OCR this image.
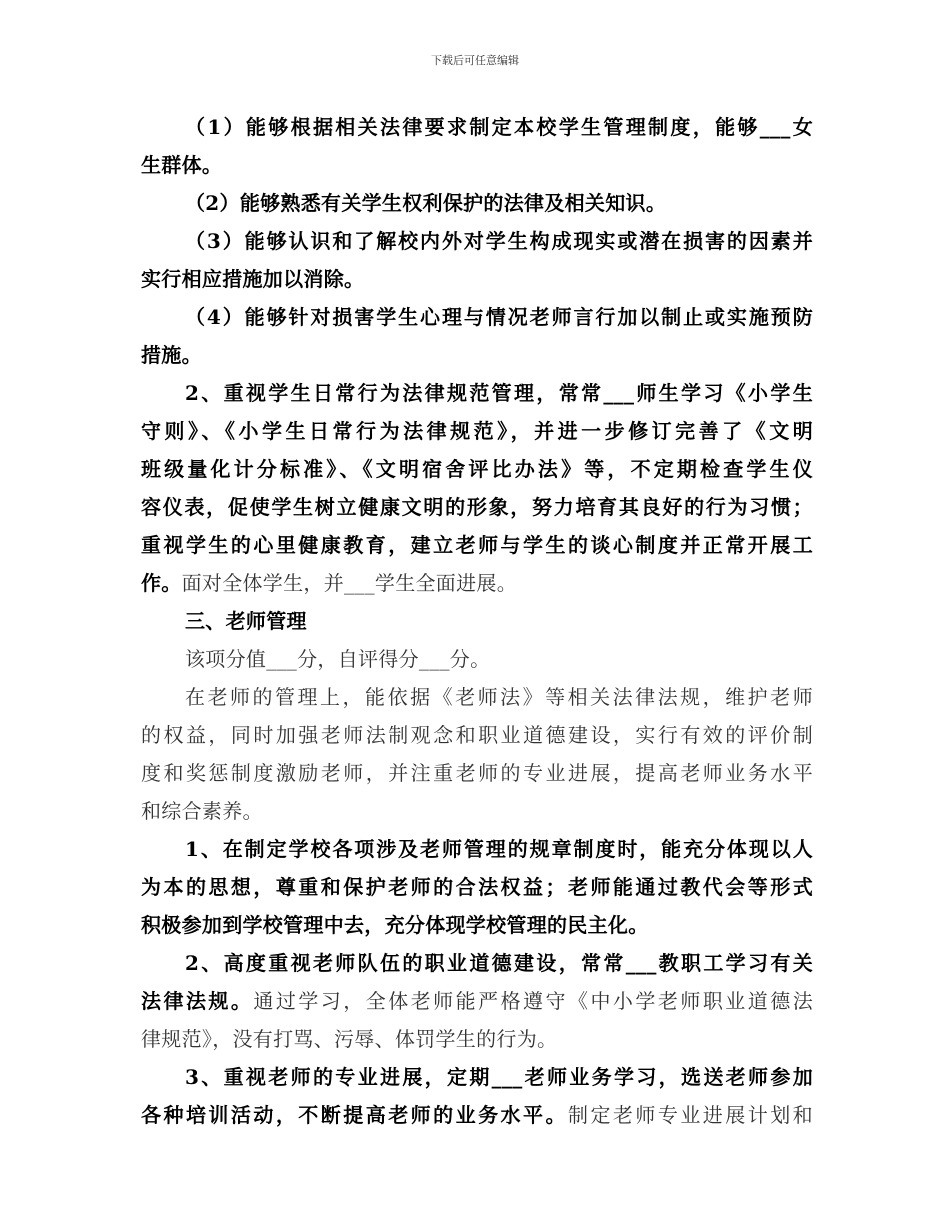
下载后可任意编辑

（1）能够根据相关法律要求制定本校学生管理制度，能够___女

生群体。

（2）能够熟悉有关学生权利保护的法律及相关知识。

（3）能够认识和了解校内外对学生构成现实或潜在损害的因素并

实行相应措施加以消除。

（4）能够针对损害学生心理与情况老师言行加以制止或实施预防

措施。

2、重视学生日常行为法律规范管理，常常___师生学习《小学生

守则》、《小学生日常行为法律规范》，并进一步修订完善了《文明

班级量化计分标准》、《文明宿舍评比办法》等，不定期检查学生仪

容仪表，促使学生树立健康文明的形象，努力培育其良好的行为习惯；

重视学生的心里健康教育，建立老师与学生的谈心制度并正常开展工

作。面对全体学生，并___学生全面进展。

三、老师管理

该项分值___分，自评得分___分。

在老师的管理上，能依据《老师法》等相关法律法规，维护老师

的权益，同时加强老师法制观念和职业道德建设，实行有效的评价制

度和奖惩制度激励老师，并注重老师的专业进展，提高老师业务水平

和综合素养。

1、在制定学校各项涉及老师管理的规章制度时，能充分体现以人

为本的思想，尊重和保护老师的合法权益；老师能通过教代会等形式

积极参加到学校管理中去，充分体现学校管理的民主化。

2、高度重视老师队伍的职业道德建设，常常___教职工学习有关

法律法规。通过学习，全体老师能严格遵守《中小学老师职业道德法

律规范》，没有打骂、污辱、体罚学生的行为。

3、重视老师的专业进展，定期___老师业务学习，选送老师参加

各种培训活动，不断提高老师的业务水平。制定老师专业进展计划和
